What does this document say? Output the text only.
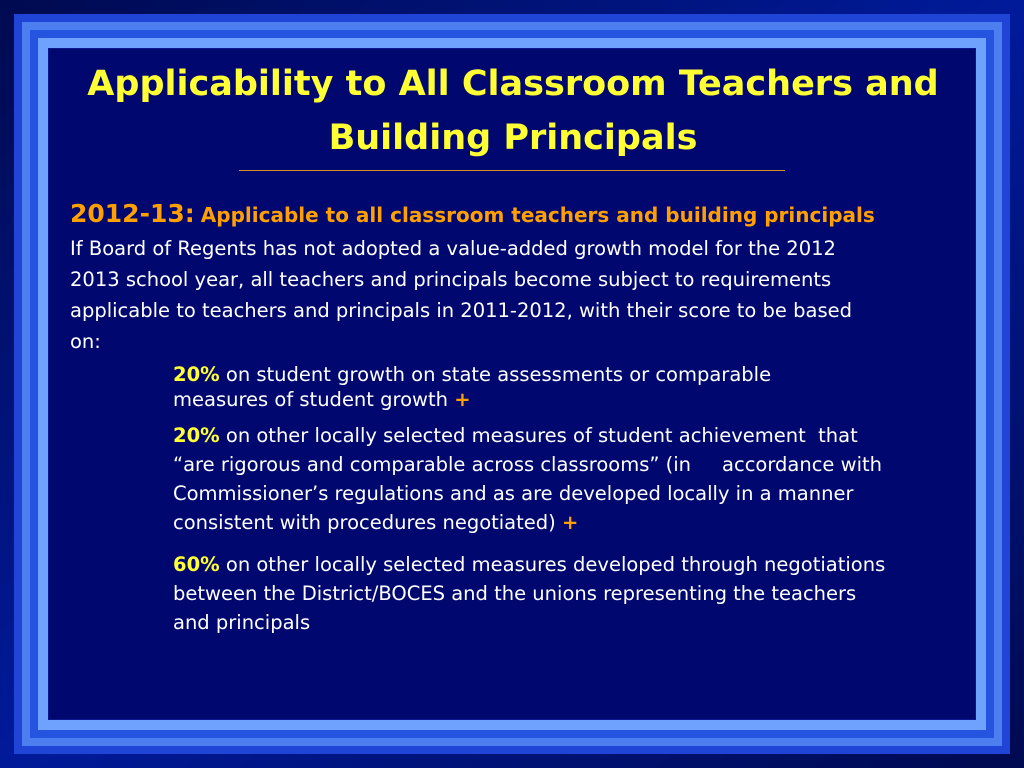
Applicability to All Classroom Teachers and
Building Principals

2012-13: Applicable to all classroom teachers and building principals

If Board of Regents has not adopted a value-added growth model for the 2012
2013 school year, all teachers and principals become subject to requirements
applicable to teachers and principals in 2011-2012, with their score to be based
on:

20% on student growth on state assessments or comparable

measures of student growth +

20% on other locally selected measures of student achievement  that

“are rigorous and comparable across classrooms” (in     accordance with

Commissioner’s regulations and as are developed locally in a manner

consistent with procedures negotiated) +

60% on other locally selected measures developed through negotiations

between the District/BOCES and the unions representing the teachers

and principals
